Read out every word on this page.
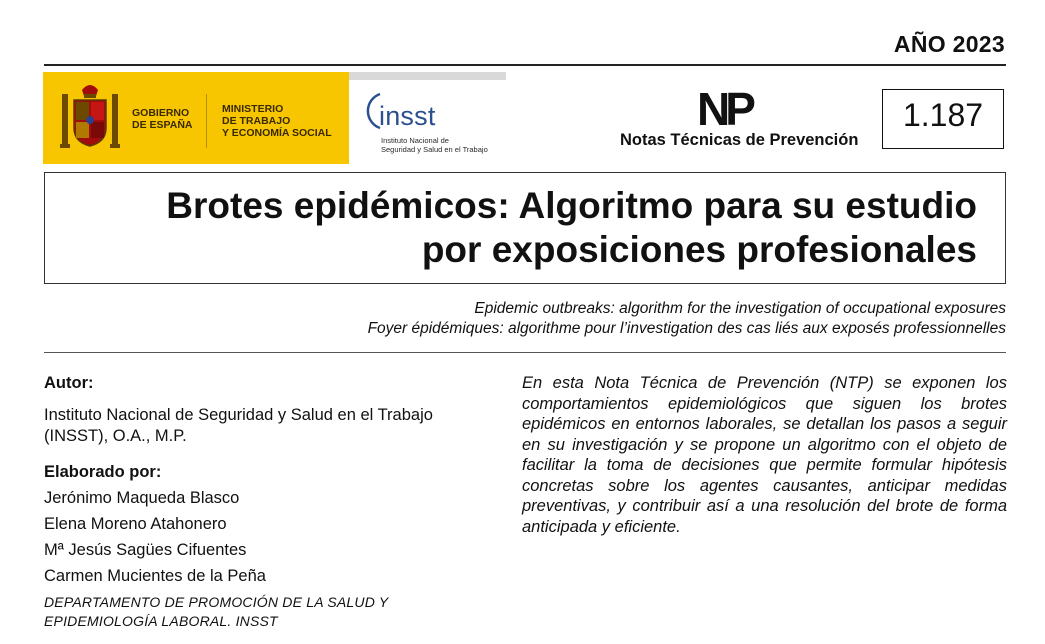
AÑO 2023
GOBIERNO
DE ESPAÑA
MINISTERIO
DE TRABAJO
Y ECONOMÍA SOCIAL
insst
Instituto Nacional de
Seguridad y Salud en el Trabajo
NP
Notas Técnicas de Prevención
1.187
Brotes epidémicos: Algoritmo para su estudio
por exposiciones profesionales
Epidemic outbreaks: algorithm for the investigation of occupational exposures
Foyer épidémiques: algorithme pour l’investigation des cas liés aux exposés professionnelles
Autor:
Instituto Nacional de Seguridad y Salud en el Trabajo
(INSST), O.A., M.P.
Elaborado por:
Jerónimo Maqueda Blasco
Elena Moreno Atahonero
Mª Jesús Sagües Cifuentes
Carmen Mucientes de la Peña
DEPARTAMENTO DE PROMOCIÓN DE LA SALUD Y
EPIDEMIOLOGÍA LABORAL. INSST
En esta Nota Técnica de Prevención (NTP) se exponen los comportamientos epidemiológicos que siguen los brotes epidémicos en entornos laborales, se detallan los pasos a seguir en su investigación y se propone un algoritmo con el objeto de facilitar la toma de decisiones que permite formular hipótesis concretas sobre los agentes causantes, anticipar medidas preventivas, y contribuir así a una resolución del brote de forma anticipada y eficiente.
